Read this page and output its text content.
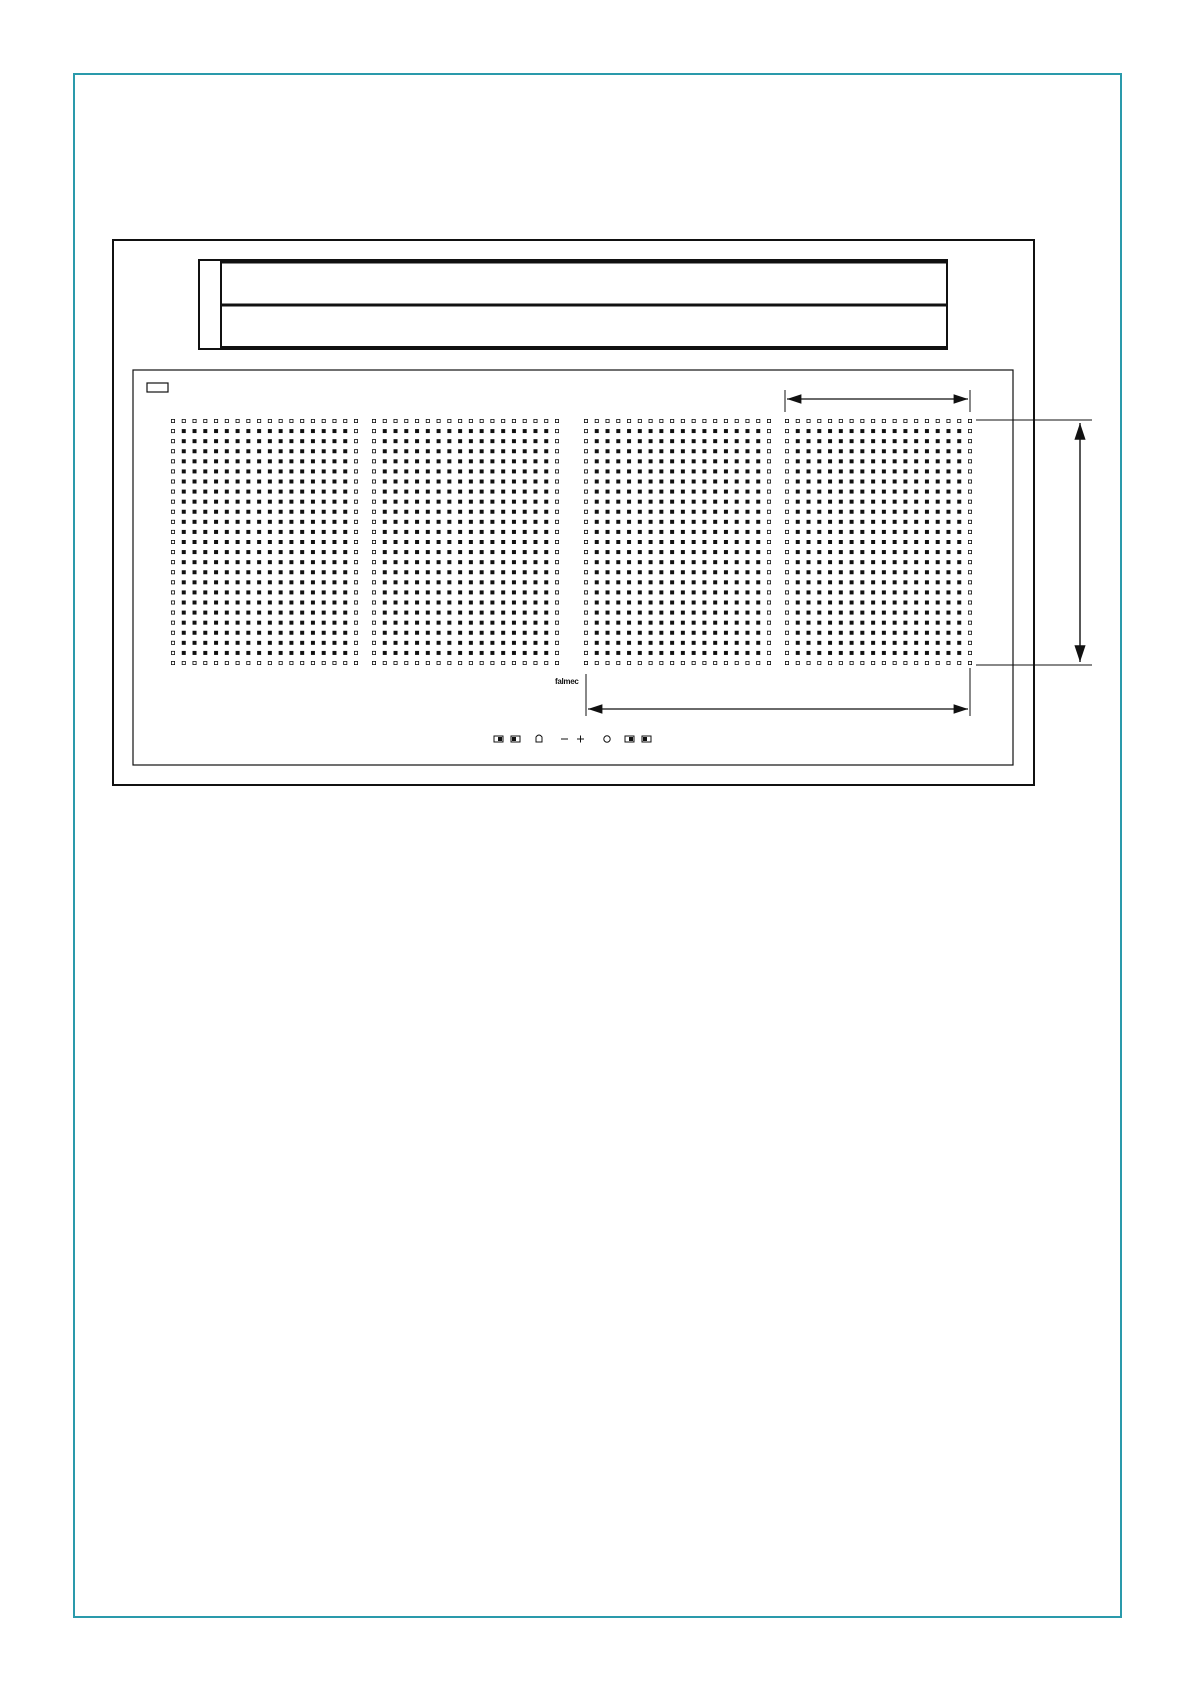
falmec
